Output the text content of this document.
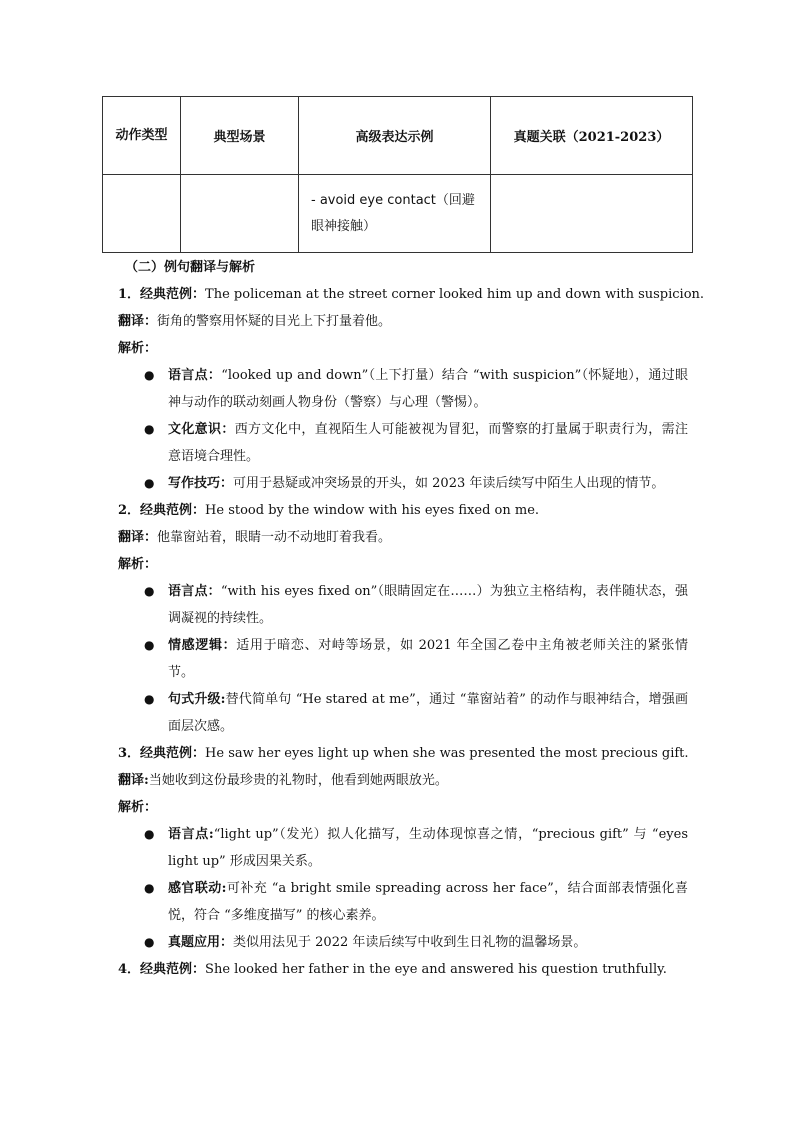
动作类型	典型场景	高级表达示例	真题关联（2021-2023）

		- avoid eye contact（回避眼神接触）	

（二）例句翻译与解析
1．经典范例：The policeman at the street corner looked him up and down with suspicion.
翻译：街角的警察用怀疑的目光上下打量着他。
解析：
● 语言点：“looked up and down”（上下打量）结合 “with suspicion”（怀疑地），通过眼神与动作的联动刻画人物身份（警察）与心理（警惕）。
● 文化意识：西方文化中，直视陌生人可能被视为冒犯，而警察的打量属于职责行为，需注意语境合理性。
● 写作技巧：可用于悬疑或冲突场景的开头，如 2023 年读后续写中陌生人出现的情节。
2．经典范例：He stood by the window with his eyes fixed on me.
翻译：他靠窗站着，眼睛一动不动地盯着我看。
解析：
● 语言点：“with his eyes fixed on”（眼睛固定在……）为独立主格结构，表伴随状态，强调凝视的持续性。
● 情感逻辑：适用于暗恋、对峙等场景，如 2021 年全国乙卷中主角被老师关注的紧张情节。
● 句式升级:替代简单句 “He stared at me”，通过 “靠窗站着” 的动作与眼神结合，增强画面层次感。
3．经典范例：He saw her eyes light up when she was presented the most precious gift.
翻译:当她收到这份最珍贵的礼物时，他看到她两眼放光。
解析：
● 语言点:“light up”（发光）拟人化描写，生动体现惊喜之情，“precious gift” 与 “eyes light up” 形成因果关系。
● 感官联动:可补充 “a bright smile spreading across her face”，结合面部表情强化喜悦，符合 “多维度描写” 的核心素养。
● 真题应用：类似用法见于 2022 年读后续写中收到生日礼物的温馨场景。
4．经典范例：She looked her father in the eye and answered his question truthfully.
